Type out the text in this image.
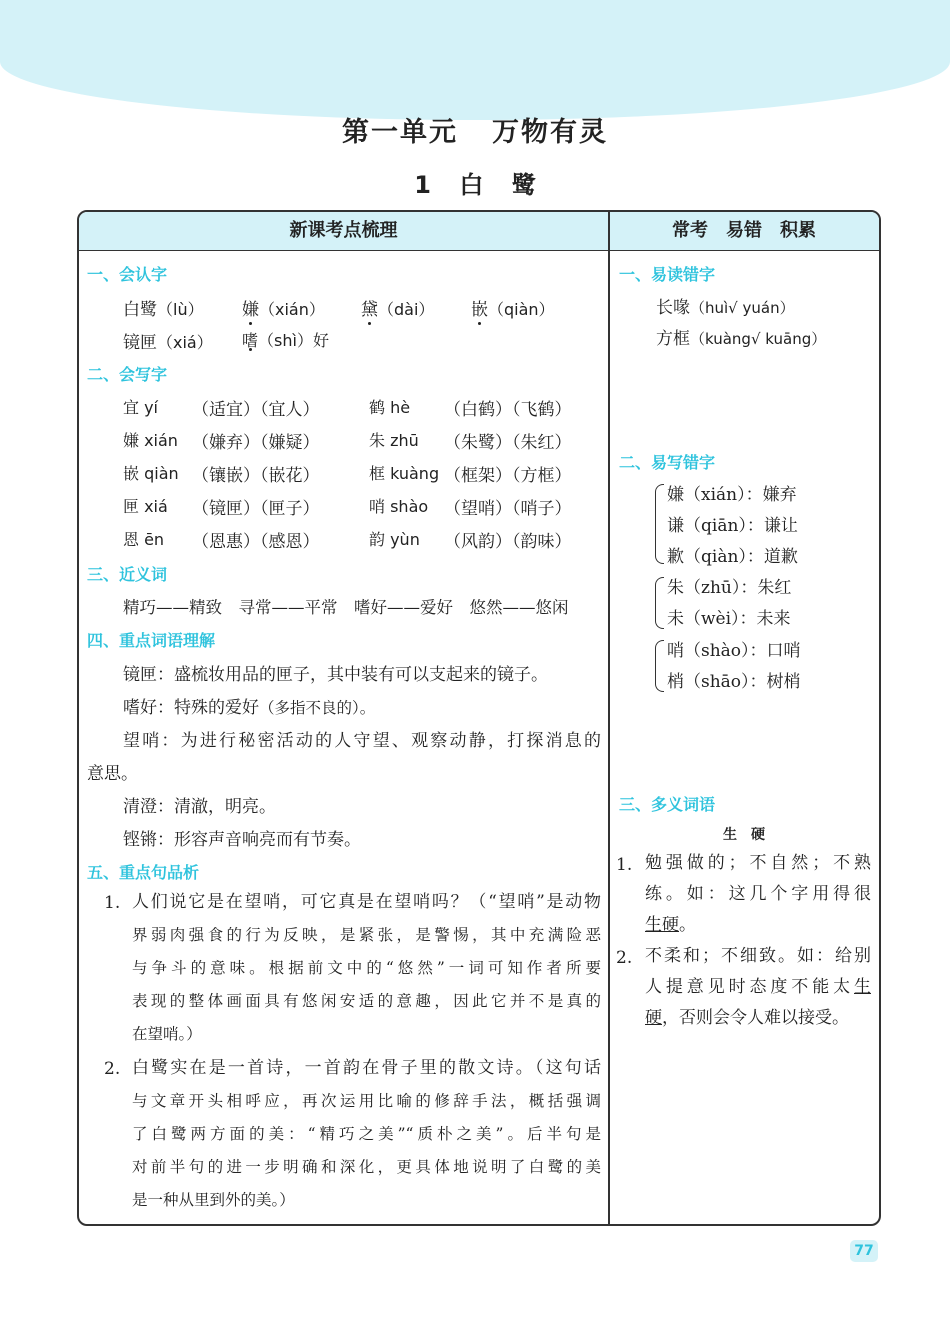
第一单元 万物有灵
1 白 鹭
新课考点梳理	常考　易错　积累
一、会认字
白鹭（lù） 嫌（xián） 黛（dài） 嵌（qiàn）
镜匣（xiá） 嗜（shì）好
二、会写字
宜 yí （适宜）（宜人）	鹤 hè （白鹤）（飞鹤）
嫌 xián （嫌弃）（嫌疑）	朱 zhū （朱鹭）（朱红）
嵌 qiàn （镶嵌）（嵌花）	框 kuàng （框架）（方框）
匣 xiá （镜匣）（匣子）	哨 shào （望哨）（哨子）
恩 ēn （恩惠）（感恩）	韵 yùn （风韵）（韵味）
三、近义词
精巧——精致　寻常——平常　嗜好——爱好　悠然——悠闲
四、重点词语理解
镜匣：盛梳妆用品的匣子，其中装有可以支起来的镜子。
嗜好：特殊的爱好（多指不良的）。
望哨：为进行秘密活动的人守望、观察动静，打探消息的
意思。
清澄：清澈，明亮。
铿锵：形容声音响亮而有节奏。
五、重点句品析
1. 人们说它是在望哨，可它真是在望哨吗？（“望哨”是动物
界弱肉强食的行为反映，是紧张，是警惕，其中充满险恶
与争斗的意味。根据前文中的“悠然”一词可知作者所要
表现的整体画面具有悠闲安适的意趣，因此它并不是真的
在望哨。）
2. 白鹭实在是一首诗，一首韵在骨子里的散文诗。（这句话
与文章开头相呼应，再次运用比喻的修辞手法，概括强调
了白鹭两方面的美：“精巧之美”“质朴之美”。后半句是
对前半句的进一步明确和深化，更具体地说明了白鹭的美
是一种从里到外的美。）
一、易读错字
长喙（huì√ yuán）
方框（kuàng√ kuāng）
二、易写错字
嫌（xián）：嫌弃
谦（qiān）：谦让
歉（qiàn）：道歉
朱（zhū）：朱红
未（wèi）：未来
哨（shào）：口哨
梢（shāo）：树梢
三、多义词语
生　硬
1. 勉强做的；不自然；不熟
练。如：这几个字用得很
生硬。
2. 不柔和；不细致。如：给别
人提意见时态度不能太生
硬，否则会令人难以接受。
77
